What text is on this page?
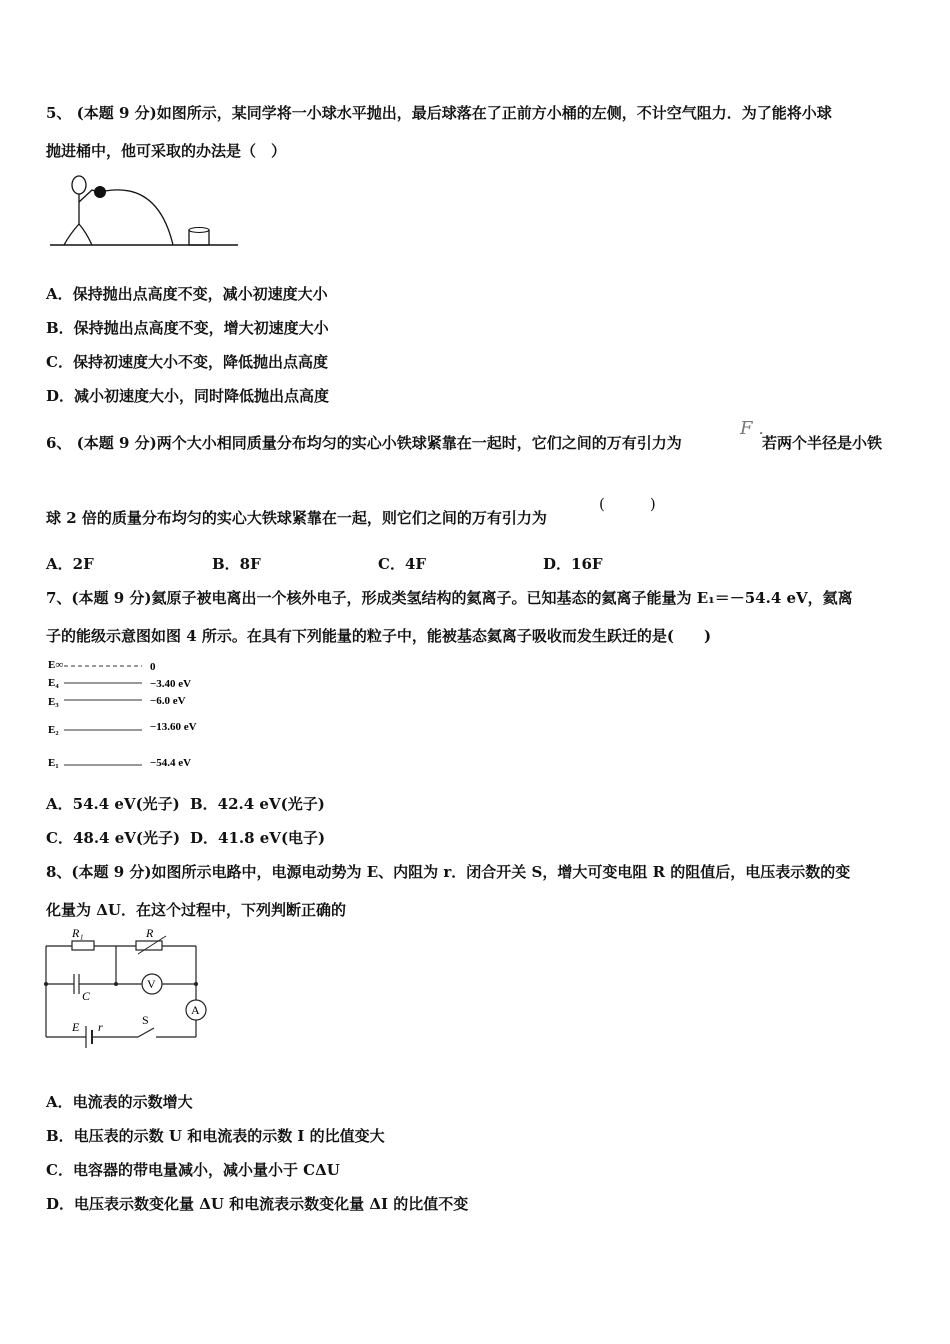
5、 (本题 9 分)如图所示，某同学将一小球水平抛出，最后球落在了正前方小桶的左侧，不计空气阻力．为了能将小球
抛进桶中，他可采取的办法是（　）
A．保持抛出点高度不变，减小初速度大小
B．保持抛出点高度不变，增大初速度大小
C．保持初速度大小不变，降低抛出点高度
D．减小初速度大小，同时降低抛出点高度
6、 (本题 9 分)两个大小相同质量分布均匀的实心小铁球紧靠在一起时，它们之间的万有引力为
F .
若两个半径是小铁
球 2 倍的质量分布均匀的实心大铁球紧靠在一起，则它们之间的万有引力为
(　　　)
A．2F	B．8F	C．4F	D．16F
7、(本题 9 分)氦原子被电离出一个核外电子，形成类氢结构的氦离子。已知基态的氦离子能量为 E₁＝－54.4 eV，氦离
子的能级示意图如图 4 所示。在具有下列能量的粒子中，能被基态氦离子吸收而发生跃迁的是(　　)
E∞	0
E₄	−3.40 eV
E₃	−6.0 eV
E₂	−13.60 eV
E₁	−54.4 eV
A．54.4 eV(光子) B．42.4 eV(光子)
C．48.4 eV(光子) D．41.8 eV(电子)
8、(本题 9 分)如图所示电路中，电源电动势为 E、内阻为 r．闭合开关 S，增大可变电阻 R 的阻值后，电压表示数的变
化量为 ΔU．在这个过程中，下列判断正确的
R₁	R
C
V
A
E r	S
A．电流表的示数增大
B．电压表的示数 U 和电流表的示数 I 的比值变大
C．电容器的带电量减小，减小量小于 CΔU
D．电压表示数变化量 ΔU 和电流表示数变化量 ΔI 的比值不变
